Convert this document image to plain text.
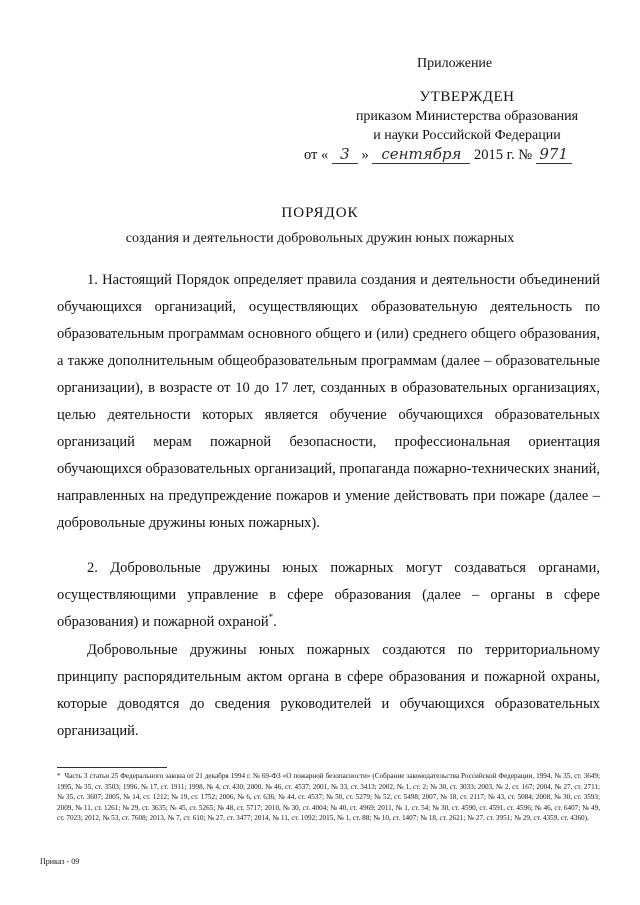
Приложение
УТВЕРЖДЕН
приказом Министерства образования
и науки Российской Федерации
от « 3 » сентября 2015 г. № 971
ПОРЯДОК
создания и деятельности добровольных дружин юных пожарных

1. Настоящий Порядок определяет правила создания и деятельности объединений обучающихся организаций, осуществляющих образовательную деятельность по образовательным программам основного общего и (или) среднего общего образования, а также дополнительным общеобразовательным программам (далее – образовательные организации), в возрасте от 10 до 17 лет, созданных в образовательных организациях, целью деятельности которых является обучение обучающихся образовательных организаций мерам пожарной безопасности, профессиональная ориентация обучающихся образовательных организаций, пропаганда пожарно-технических знаний, направленных на предупреждение пожаров и умение действовать при пожаре (далее – добровольные дружины юных пожарных).

2. Добровольные дружины юных пожарных могут создаваться органами, осуществляющими управление в сфере образования (далее – органы в сфере образования) и пожарной охраной*.

Добровольные дружины юных пожарных создаются по территориальному принципу распорядительным актом органа в сфере образования и пожарной охраны, которые доводятся до сведения руководителей и обучающихся образовательных организаций.

* Часть 3 статьи 25 Федерального закона от 21 декабря 1994 г. № 69-ФЗ «О пожарной безопасности» (Собрание законодательства Российской Федерации, 1994, № 35, ст. 3649; 1995, № 35, ст. 3503; 1996, № 17, ст. 1911; 1998, № 4, ст. 430; 2000, № 46, ст. 4537; 2001, № 33, ст. 3413; 2002, № 1, ст. 2; № 30, ст. 3033; 2003, № 2, ст. 167; 2004, № 27, ст. 2711; № 35, ст. 3607; 2005, № 14, ст. 1212; № 19, ст. 1752; 2006, № 6, ст. 636; № 44, ст. 4537; № 50, ст. 5279; № 52, ст. 5498; 2007, № 18, ст. 2117; № 43, ст. 5084; 2008, № 30, ст. 3593; 2009, № 11, ст. 1261; № 29, ст. 3635; № 45, ст. 5265; № 48, ст. 5717; 2010, № 30, ст. 4004; № 40, ст. 4969; 2011, № 1, ст. 54; № 30, ст. 4590, ст. 4591, ст. 4596; № 46, ст. 6407; № 49, ст. 7023; 2012, № 53, ст. 7608; 2013, № 7, ст. 610; № 27, ст. 3477; 2014, № 11, ст. 1092; 2015, № 1, ст. 88; № 10, ст. 1407; № 18, ст. 2621; № 27, ст. 3951; № 29, ст. 4359, ст. 4360).
Приказ - 09
